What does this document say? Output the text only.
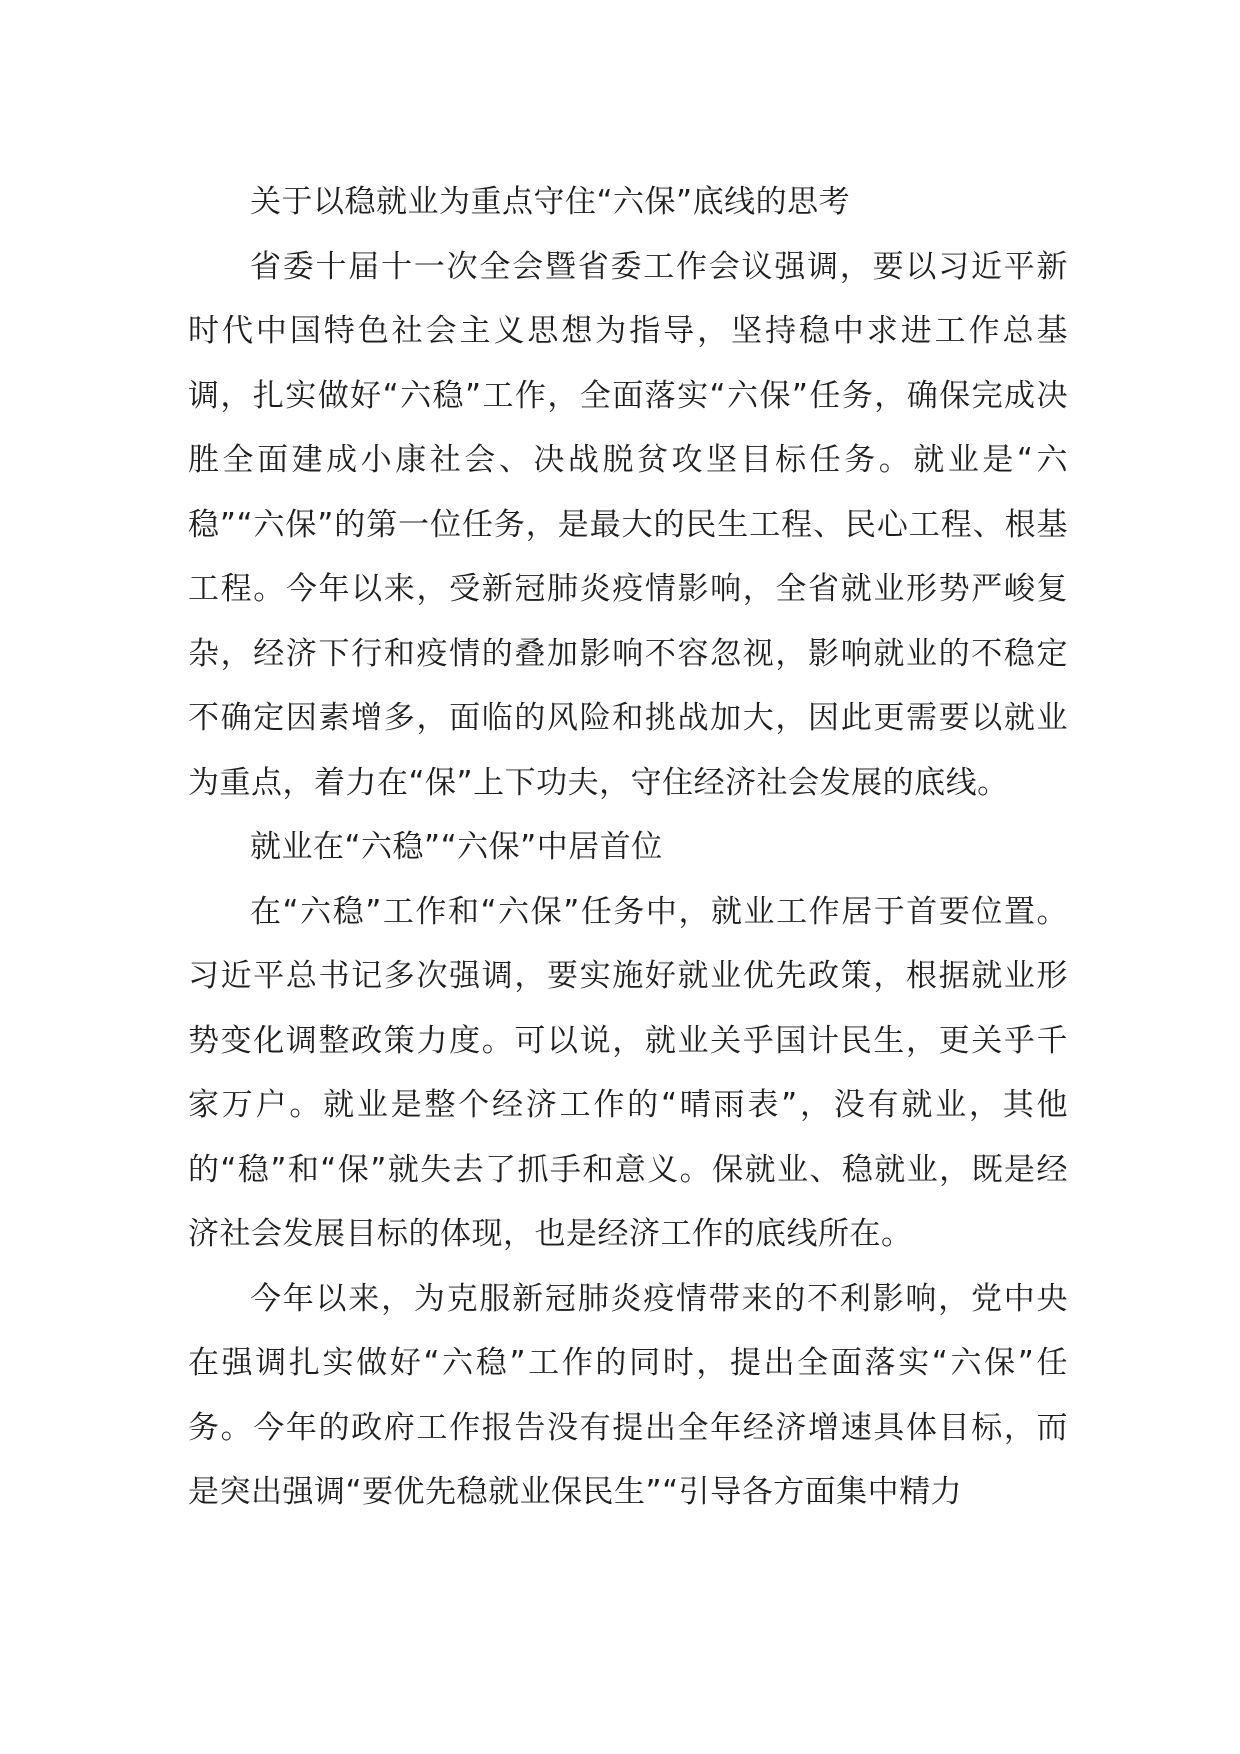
关于以稳就业为重点守住“六保”底线的思考

省委十届十一次全会暨省委工作会议强调，要以习近平新时代中国特色社会主义思想为指导，坚持稳中求进工作总基调，扎实做好“六稳”工作，全面落实“六保”任务，确保完成决胜全面建成小康社会、决战脱贫攻坚目标任务。就业是“六稳”“六保”的第一位任务，是最大的民生工程、民心工程、根基工程。今年以来，受新冠肺炎疫情影响，全省就业形势严峻复杂，经济下行和疫情的叠加影响不容忽视，影响就业的不稳定不确定因素增多，面临的风险和挑战加大，因此更需要以就业为重点，着力在“保”上下功夫，守住经济社会发展的底线。

就业在“六稳”“六保”中居首位

在“六稳”工作和“六保”任务中，就业工作居于首要位置。习近平总书记多次强调，要实施好就业优先政策，根据就业形势变化调整政策力度。可以说，就业关乎国计民生，更关乎千家万户。就业是整个经济工作的“晴雨表”，没有就业，其他的“稳”和“保”就失去了抓手和意义。保就业、稳就业，既是经济社会发展目标的体现，也是经济工作的底线所在。

今年以来，为克服新冠肺炎疫情带来的不利影响，党中央在强调扎实做好“六稳”工作的同时，提出全面落实“六保”任务。今年的政府工作报告没有提出全年经济增速具体目标，而是突出强调“要优先稳就业保民生”“引导各方面集中精力
